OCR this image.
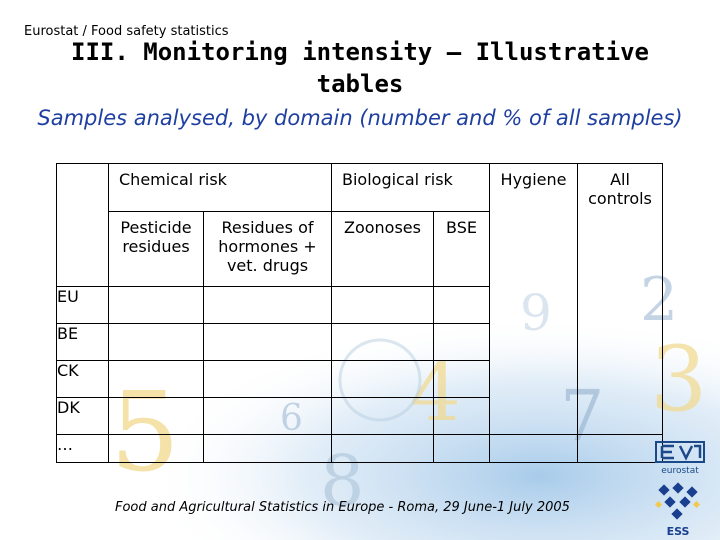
5 8
4 7 3
6
2
9
Eurostat / Food safety statistics
III. Monitoring intensity – Illustrative
tables
Samples analysed, by domain (number and % of all samples)

	Chemical risk		Biological risk		Hygiene	All controls

	Pesticide residues	Residues of hormones + vet. drugs	Zoonoses	BSE		

EU						
BE						
CK						
DK						
…						
Food and Agricultural Statistics in Europe - Roma, 29 June-1 July 2005
eurostat
ESS
